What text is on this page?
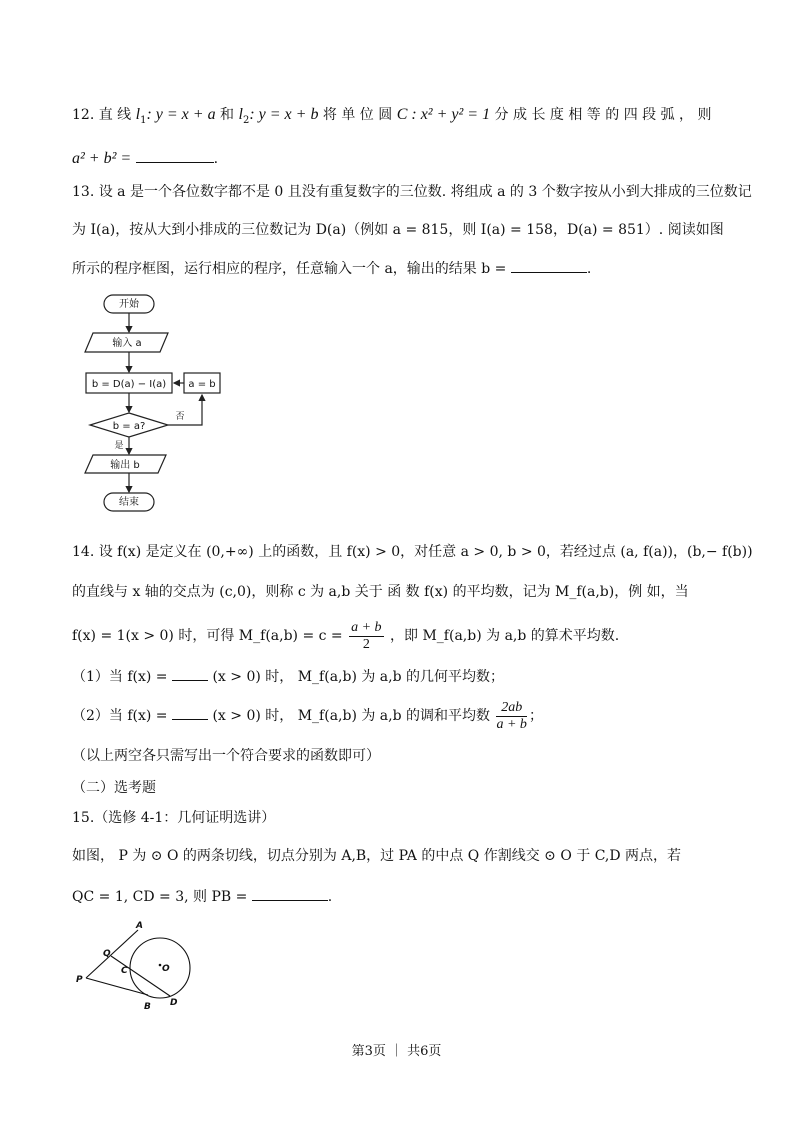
12. 直 线 $l_1$: y = x + a 和 $l_2$: y = x + b 将 单 位 圆 C : x² + y² = 1 分 成 长 度 相 等 的 四 段 弧 ， 则
a² + b² =	.
13. 设 a 是一个各位数字都不是 0 且没有重复数字的三位数. 将组成 a 的 3 个数字按从小到大排成的三位数记
为 I(a)，按从大到小排成的三位数记为 D(a)（例如 a = 815，则 I(a) = 158，D(a) = 851）. 阅读如图
所示的程序框图，运行相应的程序，任意输入一个 a，输出的结果 b =	.
开始
输入 a
b = D(a) − I(a) a = b
b = a?
否
是
输出 b
结束
14. 设 f(x) 是定义在 (0,+∞) 上的函数，且 f(x) > 0，对任意 a > 0, b > 0，若经过点 (a, f(a))，(b,− f(b))
的直线与 x 轴的交点为 (c,0)，则称 c 为 a,b 关于 函 数 f(x) 的平均数，记为 M_f(a,b)，例 如，当
f(x) = 1(x > 0) 时，可得 M_f(a,b) = $c = \frac{a + b}{2}$ ，即 M_f(a,b) 为 a,b 的算术平均数.
（1）当 f(x) =	(x > 0) 时， M_f(a,b) 为 a,b 的几何平均数；
（2）当 f(x) =	(x > 0) 时， M_f(a,b) 为 a,b 的调和平均数 $\frac{2ab}{a + b}$ ；
（以上两空各只需写出一个符合要求的函数即可）
（二）选考题
15.（选修 4-1：几何证明选讲）
如图， P 为 ⊙ O 的两条切线，切点分别为 A,B，过 PA 的中点 Q 作割线交 ⊙ O 于 C,D 两点，若
QC = 1, CD = 3, 则 PB =	.
A
Q
C	O
P
B D
第3页 ｜ 共6页
